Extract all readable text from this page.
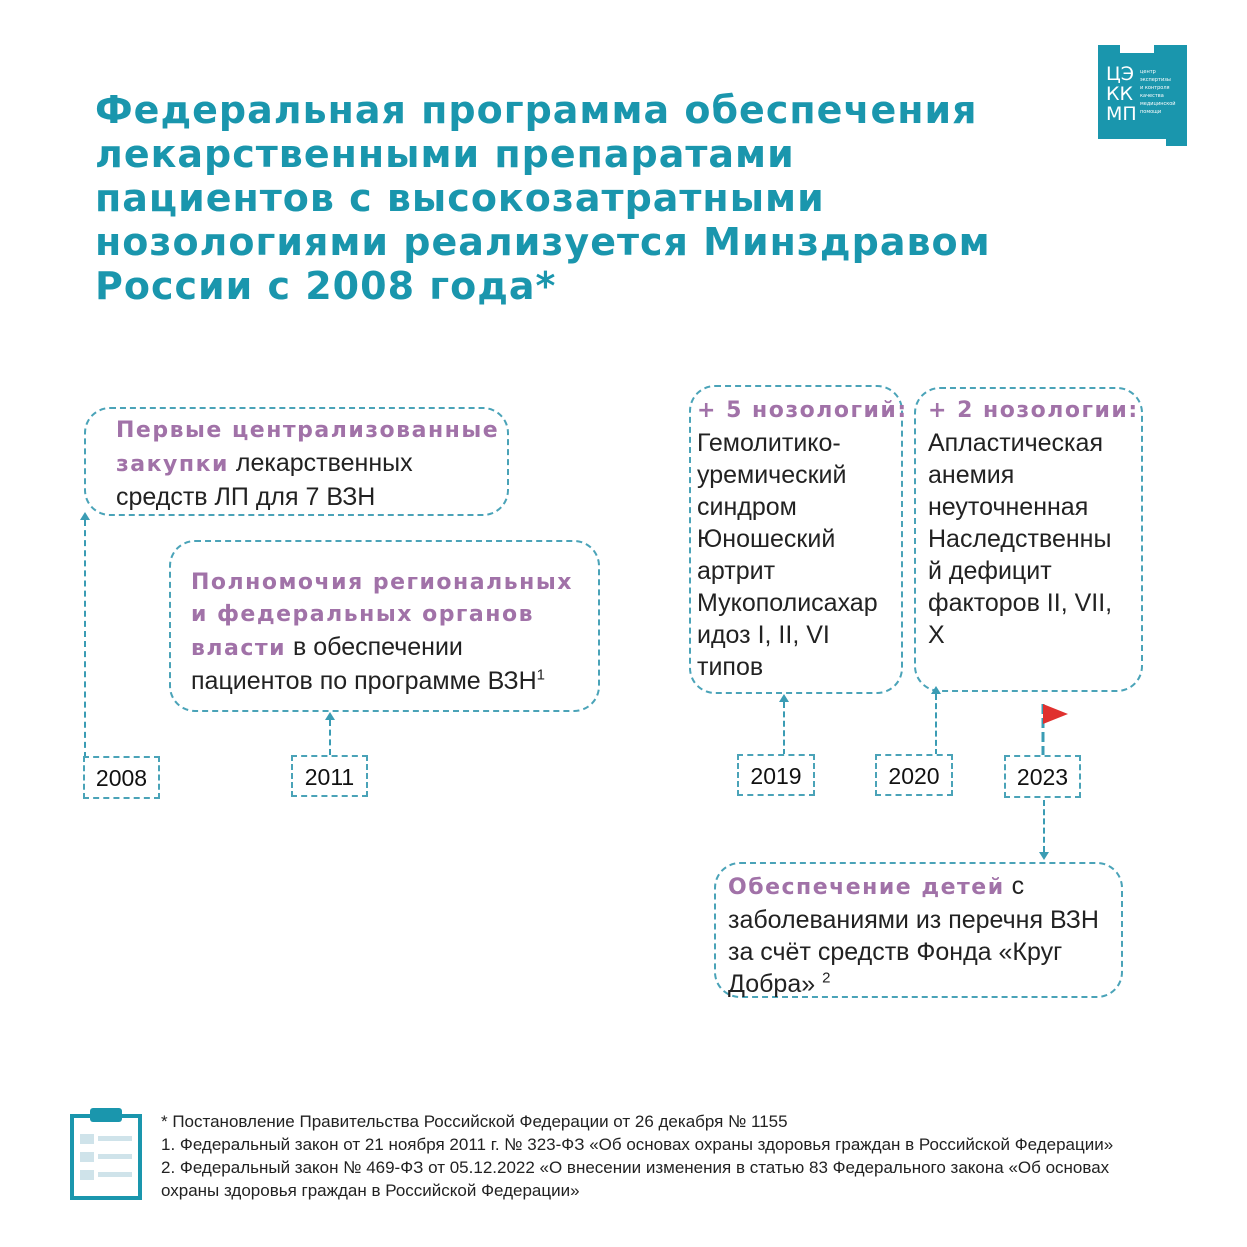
Федеральная программа обеспечения
лекарственными препаратами
пациентов с высокозатратными
нозологиями реализуется Минздравом
России с 2008 года*
ЦЭ
КК
МП
центр
экспертизы
и контроля
качества
медицинской
помощи
Первые централизованные
закупки лекарственных
средств ЛП для 7 ВЗН
Полномочия региональных
и федеральных органов
власти в обеспечении
пациентов по программе $ВЗН^1$
+ 5 нозологий:
Гемолитико-
уремический
синдром
Юношеский
артрит
Мукополисахар
идоз I, II, VI
типов
+ 2 нозологии:
Апластическая
анемия
неуточненная
Наследственны
й дефицит
факторов II, VII,
X
Обеспечение детей с
заболеваниями из перечня ВЗН
за счёт средств Фонда «Круг
Добра» $^2$
2008	2011	2019	2020	2023
* Постановление Правительства Российской Федерации от 26 декабря № 1155
1. Федеральный закон от 21 ноября 2011 г. № 323-ФЗ «Об основах охраны здоровья граждан в Российской Федерации»
2. Федеральный закон № 469-ФЗ от 05.12.2022 «О внесении изменения в статью 83 Федерального закона «Об основах
охраны здоровья граждан в Российской Федерации»
